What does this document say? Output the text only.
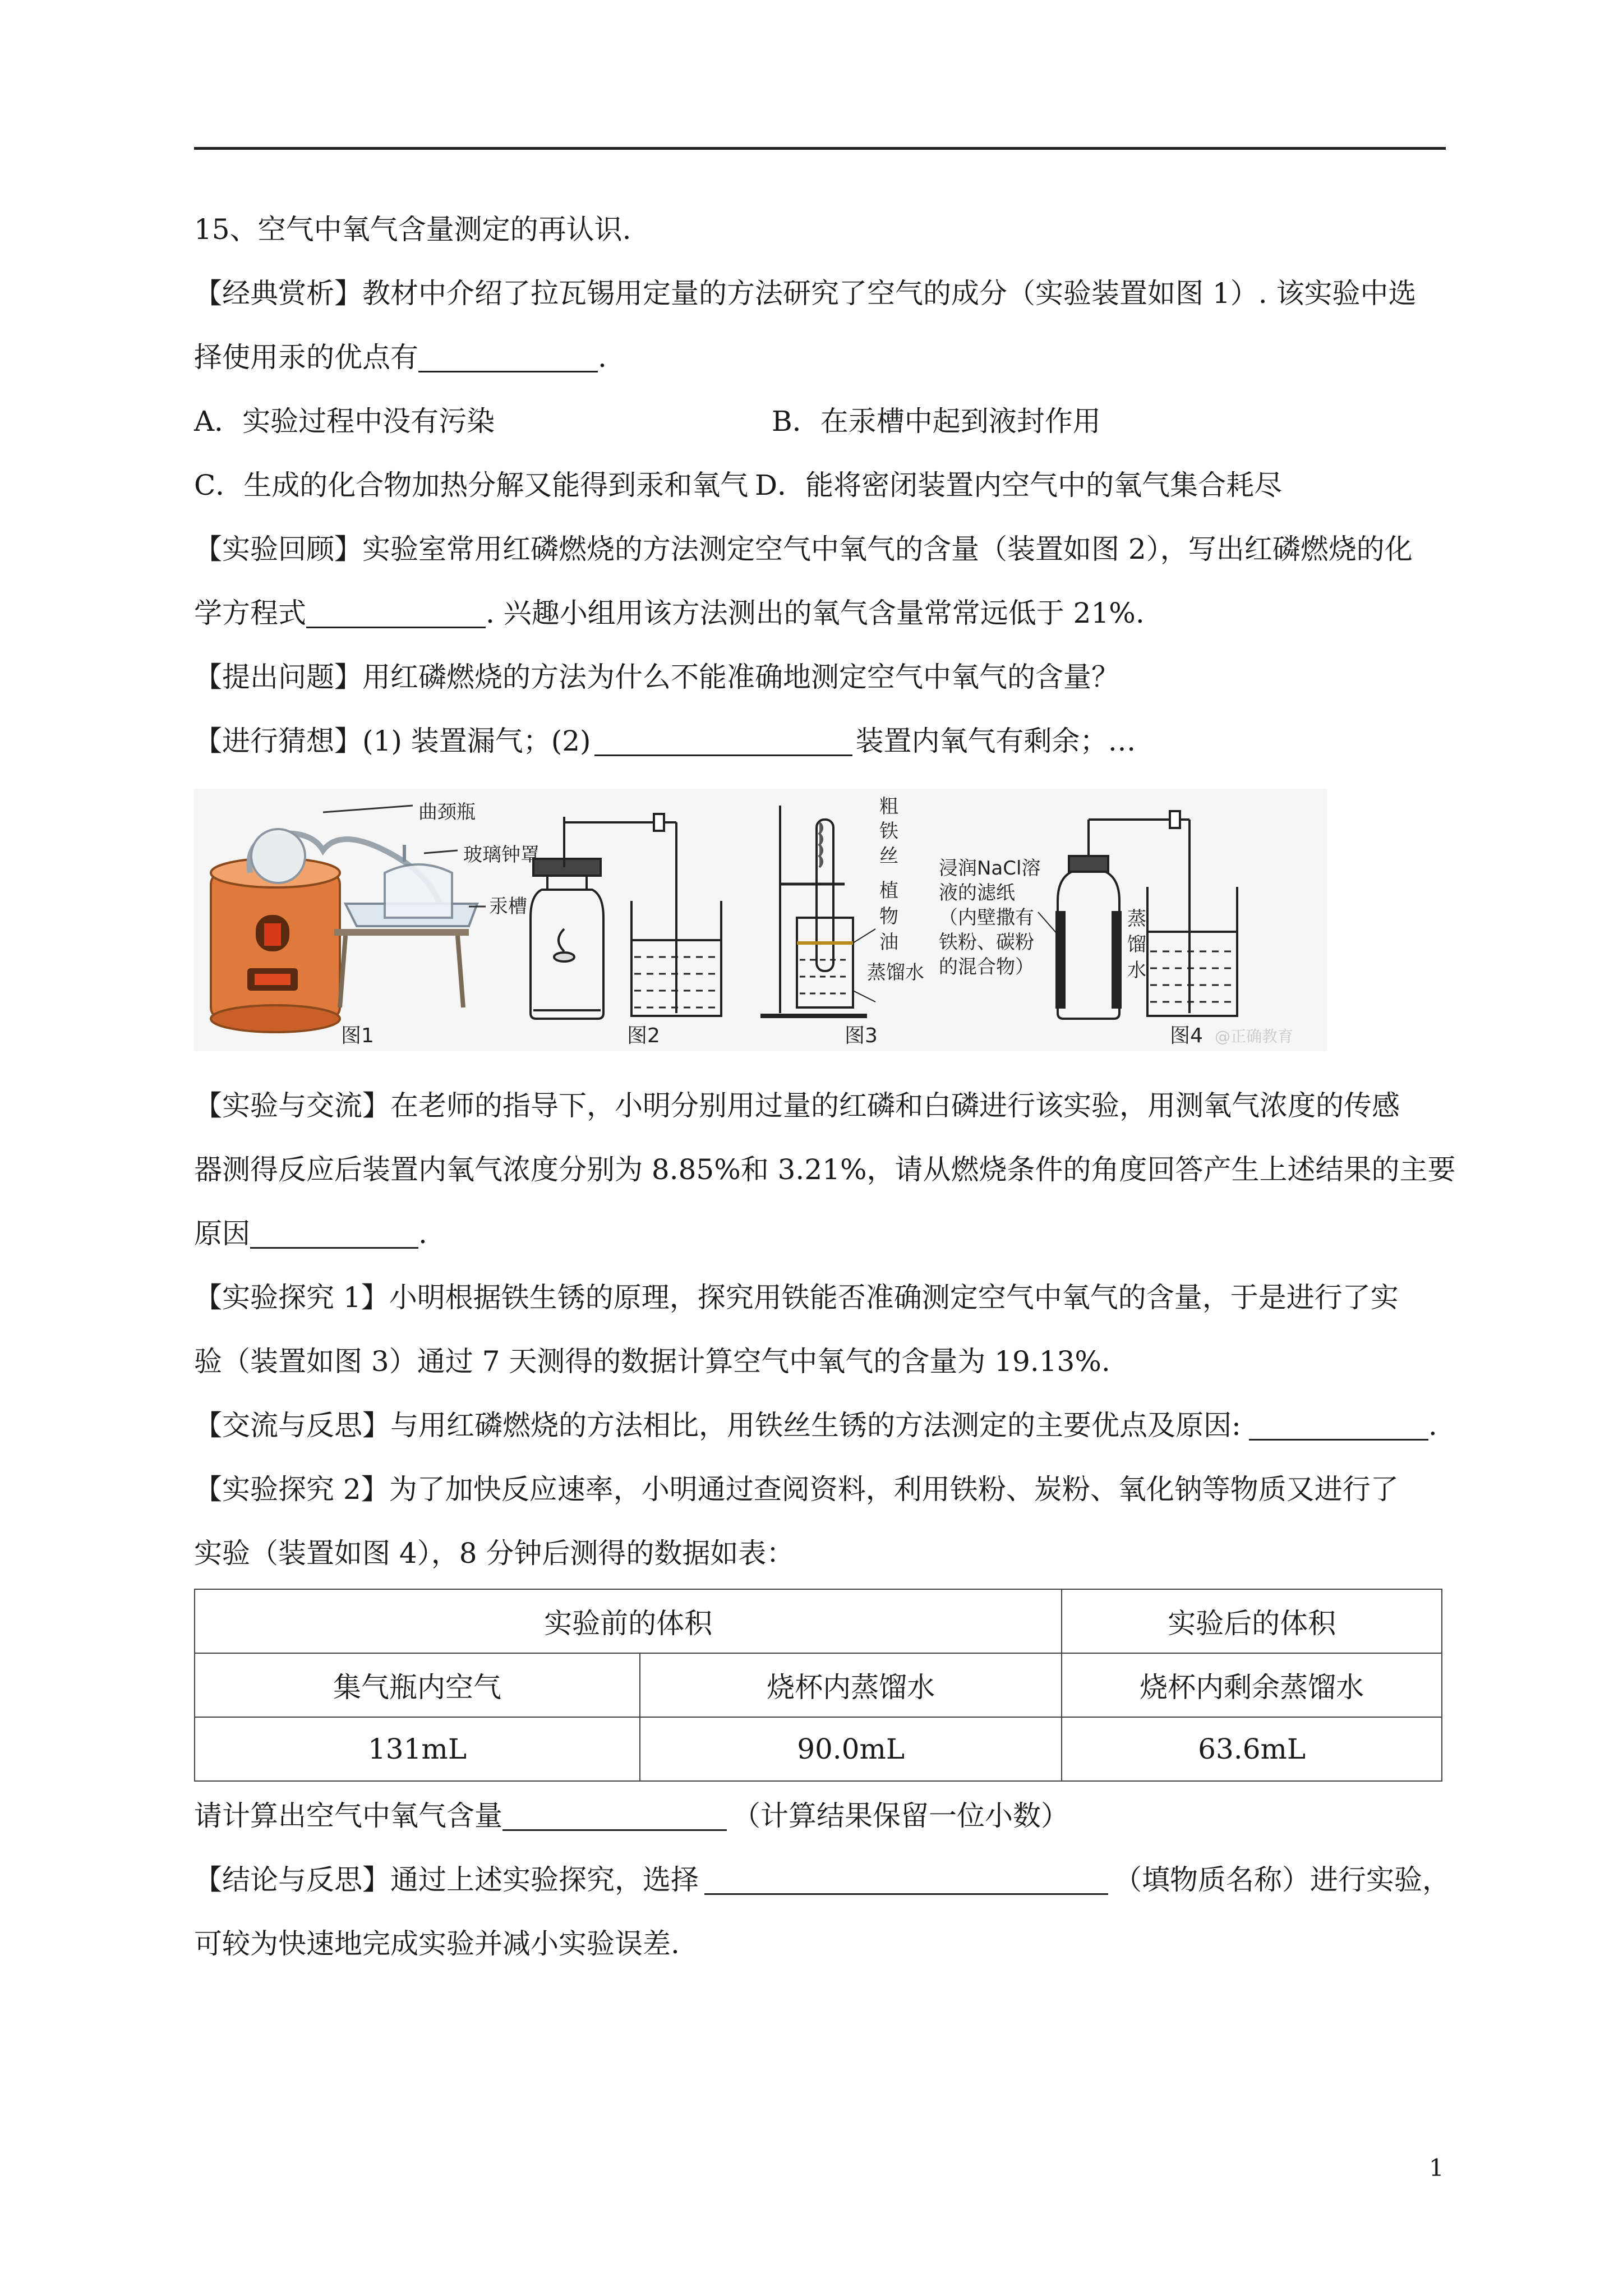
15、空气中氧气含量测定的再认识.
【经典赏析】教材中介绍了拉瓦锡用定量的方法研究了空气的成分（实验装置如图 1）. 该实验中选
择使用汞的优点有	.
A．实验过程中没有污染	B．在汞槽中起到液封作用
C．生成的化合物加热分解又能得到汞和氧气 D．能将密闭装置内空气中的氧气集合耗尽
【实验回顾】实验室常用红磷燃烧的方法测定空气中氧气的含量（装置如图 2），写出红磷燃烧的化
学方程式	. 兴趣小组用该方法测出的氧气含量常常远低于 21%.
【提出问题】用红磷燃烧的方法为什么不能准确地测定空气中氧气的含量？
【进行猜想】(1) 装置漏气；(2)	装置内氧气有剩余；…
曲颈瓶
玻璃钟罩
汞槽
粗
铁
丝
植
物
油
蒸馏水
浸润NaCl溶
液的滤纸
（内壁撒有
铁粉、碳粉
的混合物）
蒸
馏
水
图1	图2	图3	图4 @正确教育
【实验与交流】在老师的指导下，小明分别用过量的红磷和白磷进行该实验，用测氧气浓度的传感
器测得反应后装置内氧气浓度分别为 8.85%和 3.21%，请从燃烧条件的角度回答产生上述结果的主要
原因	.
【实验探究 1】小明根据铁生锈的原理，探究用铁能否准确测定空气中氧气的含量，于是进行了实
验（装置如图 3）通过 7 天测得的数据计算空气中氧气的含量为 19.13%.
【交流与反思】与用红磷燃烧的方法相比，用铁丝生锈的方法测定的主要优点及原因:	.
【实验探究 2】为了加快反应速率，小明通过查阅资料，利用铁粉、炭粉、氧化钠等物质又进行了
实验（装置如图 4），8 分钟后测得的数据如表：
实验前的体积		实验后的体积
集气瓶内空气	烧杯内蒸馏水	烧杯内剩余蒸馏水
131mL	90.0mL	63.6mL
请计算出空气中氧气含量	（计算结果保留一位小数）
【结论与反思】通过上述实验探究，选择	（填物质名称）进行实验，
可较为快速地完成实验并减小实验误差.
1
